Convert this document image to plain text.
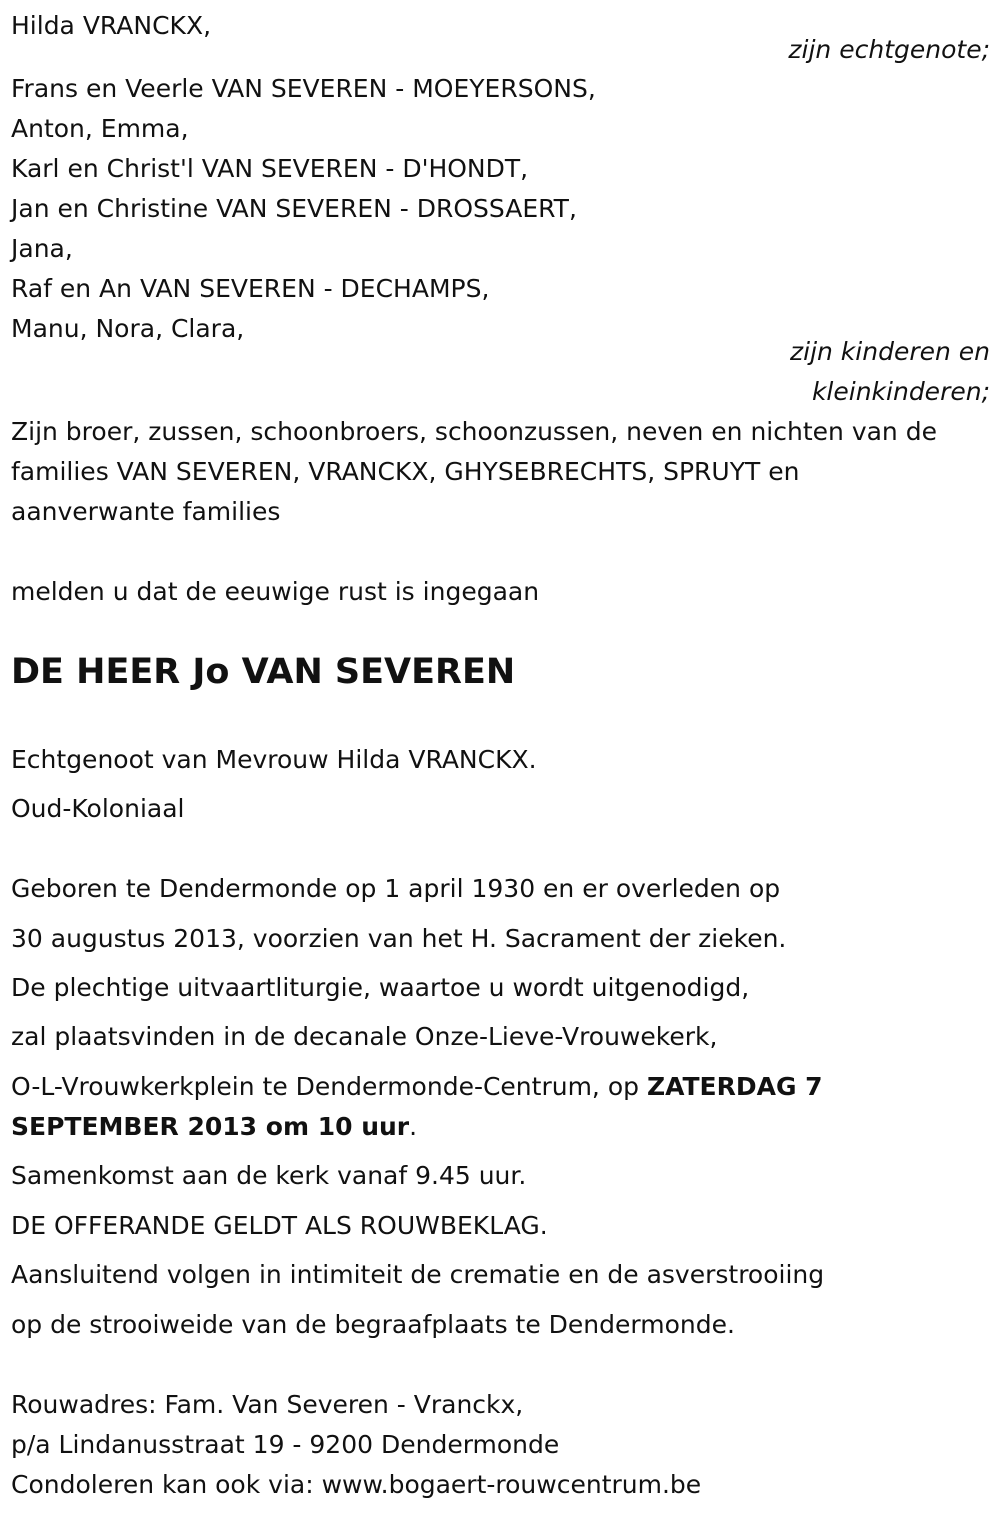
Hilda VRANCKX,
zijn echtgenote;
Frans en Veerle VAN SEVEREN - MOEYERSONS,
Anton, Emma,
Karl en Christ'l VAN SEVEREN - D'HONDT,
Jan en Christine VAN SEVEREN - DROSSAERT,
Jana,
Raf en An VAN SEVEREN - DECHAMPS,
Manu, Nora, Clara,
zijn kinderen en
kleinkinderen;
Zijn broer, zussen, schoonbroers, schoonzussen, neven en nichten van de
families VAN SEVEREN, VRANCKX, GHYSEBRECHTS, SPRUYT en
aanverwante families
melden u dat de eeuwige rust is ingegaan
DE HEER Jo VAN SEVEREN
Echtgenoot van Mevrouw Hilda VRANCKX.
Oud-Koloniaal
Geboren te Dendermonde op 1 april 1930 en er overleden op
30 augustus 2013, voorzien van het H. Sacrament der zieken.
De plechtige uitvaartliturgie, waartoe u wordt uitgenodigd,
zal plaatsvinden in de decanale Onze-Lieve-Vrouwekerk,
O-L-Vrouwkerkplein te Dendermonde-Centrum, op ZATERDAG 7
SEPTEMBER 2013 om 10 uur.
Samenkomst aan de kerk vanaf 9.45 uur.
DE OFFERANDE GELDT ALS ROUWBEKLAG.
Aansluitend volgen in intimiteit de crematie en de asverstrooiing
op de strooiweide van de begraafplaats te Dendermonde.
Rouwadres: Fam. Van Severen - Vranckx,
p/a Lindanusstraat 19 - 9200 Dendermonde
Condoleren kan ook via: www.bogaert-rouwcentrum.be
